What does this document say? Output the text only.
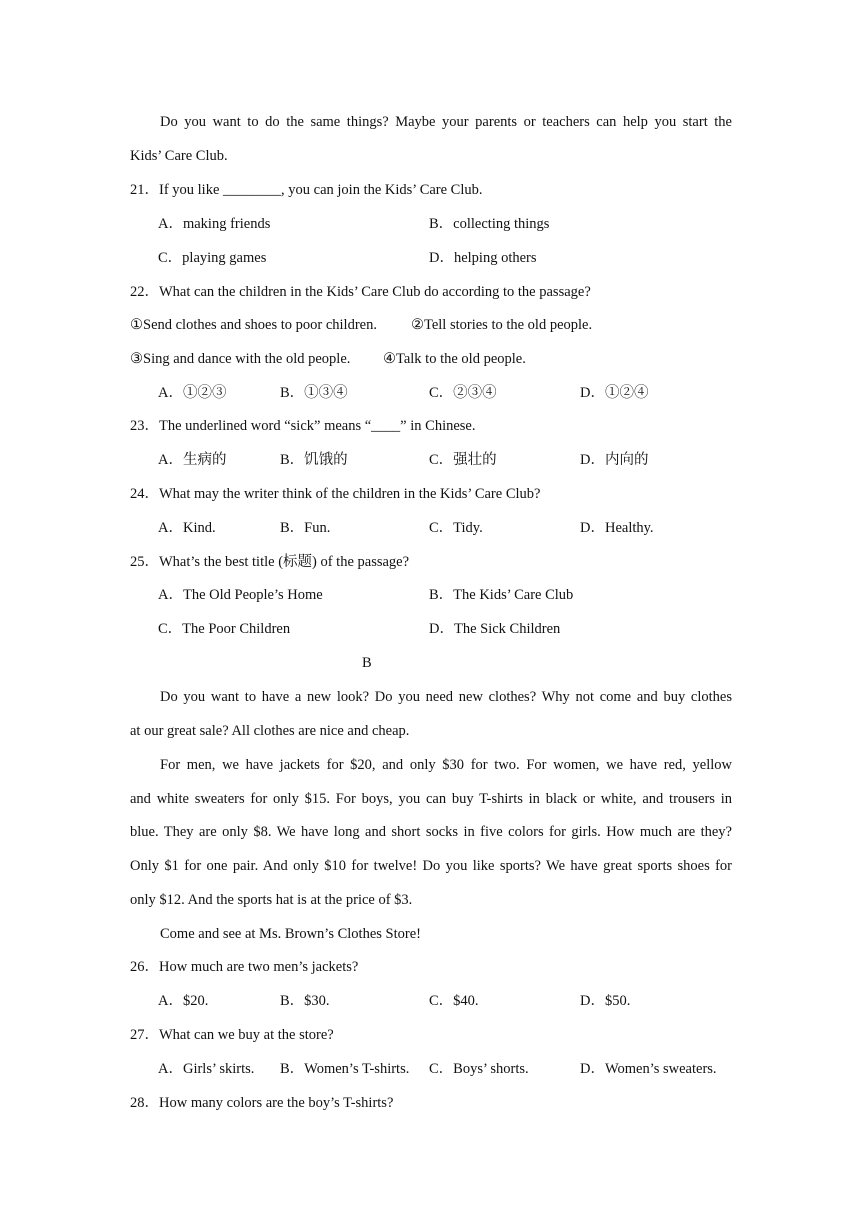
Do you want to do the same things? Maybe your parents or teachers can help you start the
Kids’ Care Club.
21．If you like ________, you can join the Kids’ Care Club.
A．making friends	B．collecting things
C．playing games	D．helping others
22．What can the children in the Kids’ Care Club do according to the passage?
①Send clothes and shoes to poor children. ②Tell stories to the old people.
③Sing and dance with the old people. ④Talk to the old people.
A．①②③	B．①③④	C．②③④	D．①②④
23．The underlined word “sick” means “____” in Chinese.
A．生病的	B．饥饿的	C．强壮的	D．内向的
24．What may the writer think of the children in the Kids’ Care Club?
A．Kind.	B．Fun.	C．Tidy.	D．Healthy.
25．What’s the best title (标题) of the passage?
A．The Old People’s Home	B．The Kids’ Care Club
C．The Poor Children	D．The Sick Children
B
Do you want to have a new look? Do you need new clothes? Why not come and buy clothes
at our great sale? All clothes are nice and cheap.
For men, we have jackets for $20, and only $30 for two. For women, we have red, yellow
and white sweaters for only $15. For boys, you can buy T-shirts in black or white, and trousers in
blue. They are only $8. We have long and short socks in five colors for girls. How much are they?
Only $1 for one pair. And only $10 for twelve! Do you like sports? We have great sports shoes for
only $12. And the sports hat is at the price of $3.
Come and see at Ms. Brown’s Clothes Store!
26．How much are two men’s jackets?
A．$20.	B．$30.	C．$40.	D．$50.
27．What can we buy at the store?
A．Girls’ skirts. B．Women’s T-shirts. C．Boys’ shorts.	D．Women’s sweaters.
28．How many colors are the boy’s T-shirts?
